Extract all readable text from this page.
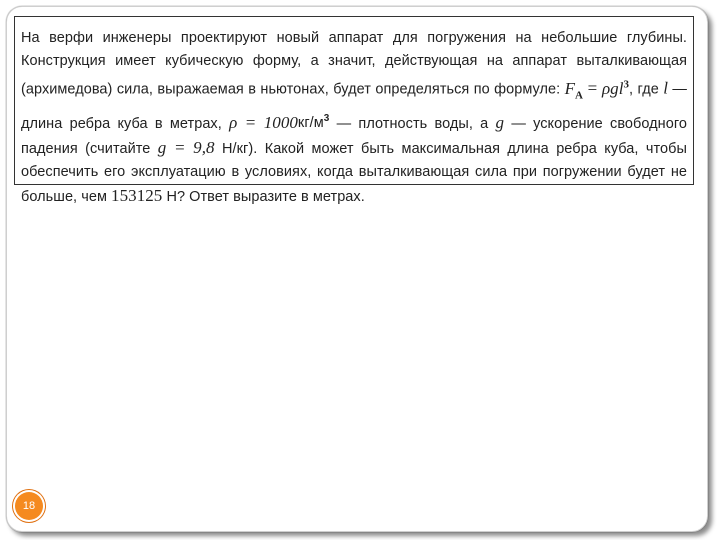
На верфи инженеры проектируют новый аппарат для погружения на небольшие глубины. Конструкция имеет кубическую форму, а значит, действующая на аппарат выталкивающая (архимедова) сила, выражаемая в ньютонах, будет определяться по формуле: $F_A = \rho gl^3$, где l — длина ребра куба в метрах, $\rho = 1000кг/м^3$ — плотность воды, а g — ускорение свободного падения (считайте g = 9,8 Н/кг). Какой может быть максимальная длина ребра куба, чтобы обеспечить его эксплуатацию в условиях, когда выталкивающая сила при погружении будет не больше, чем 153125 Н? Ответ выразите в метрах.

18
